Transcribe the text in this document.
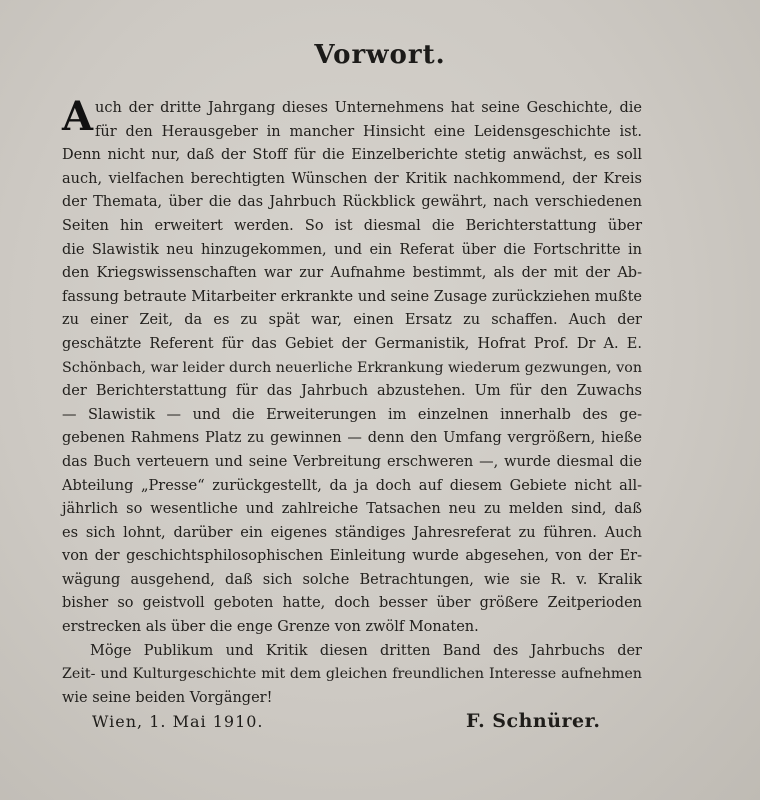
Vorwort.
Auch der dritte Jahrgang dieses Unternehmens hat seine Geschichte, die
für den Herausgeber in mancher Hinsicht eine Leidensgeschichte ist.
Denn nicht nur, daß der Stoff für die Einzelberichte stetig anwächst, es soll
auch, vielfachen berechtigten Wünschen der Kritik nachkommend, der Kreis
der Themata, über die das Jahrbuch Rückblick gewährt, nach verschiedenen
Seiten hin erweitert werden. So ist diesmal die Berichterstattung über
die Slawistik neu hinzugekommen, und ein Referat über die Fortschritte in
den Kriegswissenschaften war zur Aufnahme bestimmt, als der mit der Ab-
fassung betraute Mitarbeiter erkrankte und seine Zusage zurückziehen mußte
zu einer Zeit, da es zu spät war, einen Ersatz zu schaffen. Auch der
geschätzte Referent für das Gebiet der Germanistik, Hofrat Prof. Dr A. E.
Schönbach, war leider durch neuerliche Erkrankung wiederum gezwungen, von
der Berichterstattung für das Jahrbuch abzustehen. Um für den Zuwachs
— Slawistik — und die Erweiterungen im einzelnen innerhalb des ge-
gebenen Rahmens Platz zu gewinnen — denn den Umfang vergrößern, hieße
das Buch verteuern und seine Verbreitung erschweren —, wurde diesmal die
Abteilung „Presse“ zurückgestellt, da ja doch auf diesem Gebiete nicht all-
jährlich so wesentliche und zahlreiche Tatsachen neu zu melden sind, daß
es sich lohnt, darüber ein eigenes ständiges Jahresreferat zu führen. Auch
von der geschichtsphilosophischen Einleitung wurde abgesehen, von der Er-
wägung ausgehend, daß sich solche Betrachtungen, wie sie R. v. Kralik
bisher so geistvoll geboten hatte, doch besser über größere Zeitperioden
erstrecken als über die enge Grenze von zwölf Monaten.
Möge Publikum und Kritik diesen dritten Band des Jahrbuchs der
Zeit- und Kulturgeschichte mit dem gleichen freundlichen Interesse aufnehmen
wie seine beiden Vorgänger!
Wien, 1. Mai 1910.	F. Schnürer.
